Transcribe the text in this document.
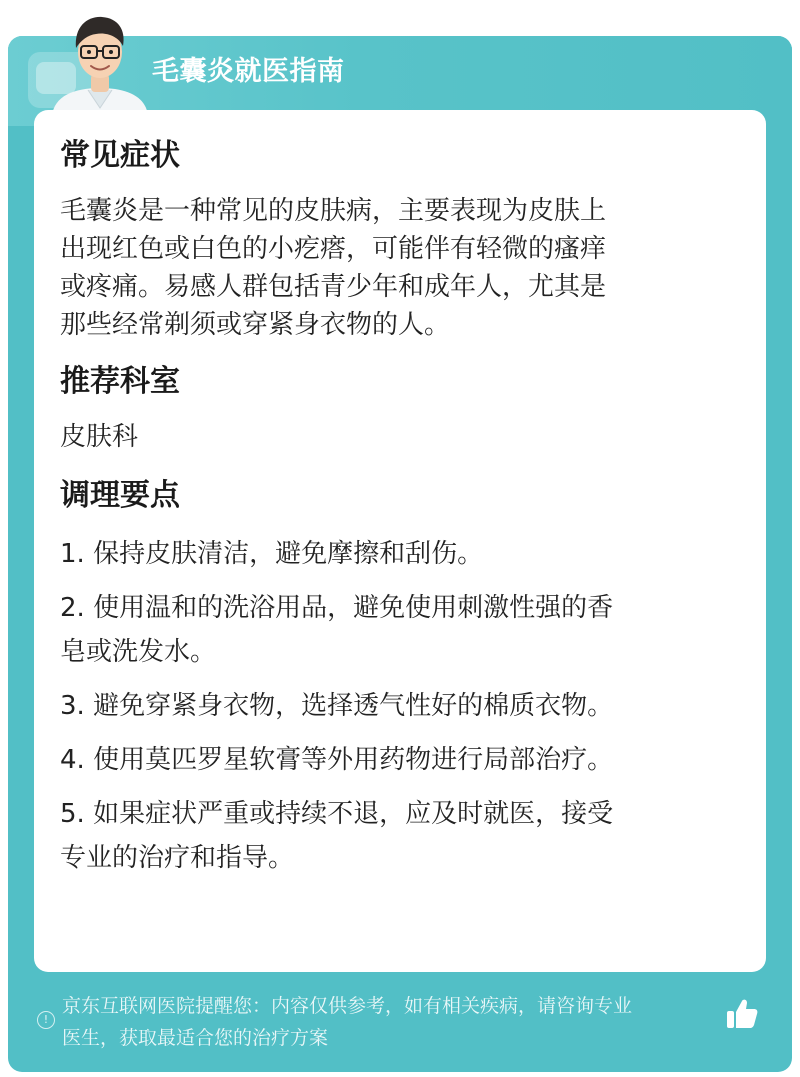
毛囊炎就医指南
常见症状
毛囊炎是一种常见的皮肤病，主要表现为皮肤上
出现红色或白色的小疙瘩，可能伴有轻微的瘙痒
或疼痛。易感人群包括青少年和成年人，尤其是
那些经常剃须或穿紧身衣物的人。
推荐科室
皮肤科
调理要点
1. 保持皮肤清洁，避免摩擦和刮伤。
2. 使用温和的洗浴用品，避免使用刺激性强的香
皂或洗发水。
3. 避免穿紧身衣物，选择透气性好的棉质衣物。
4. 使用莫匹罗星软膏等外用药物进行局部治疗。
5. 如果症状严重或持续不退，应及时就医，接受
专业的治疗和指导。
!
京东互联网医院提醒您：内容仅供参考，如有相关疾病，请咨询专业
医生，获取最适合您的治疗方案
